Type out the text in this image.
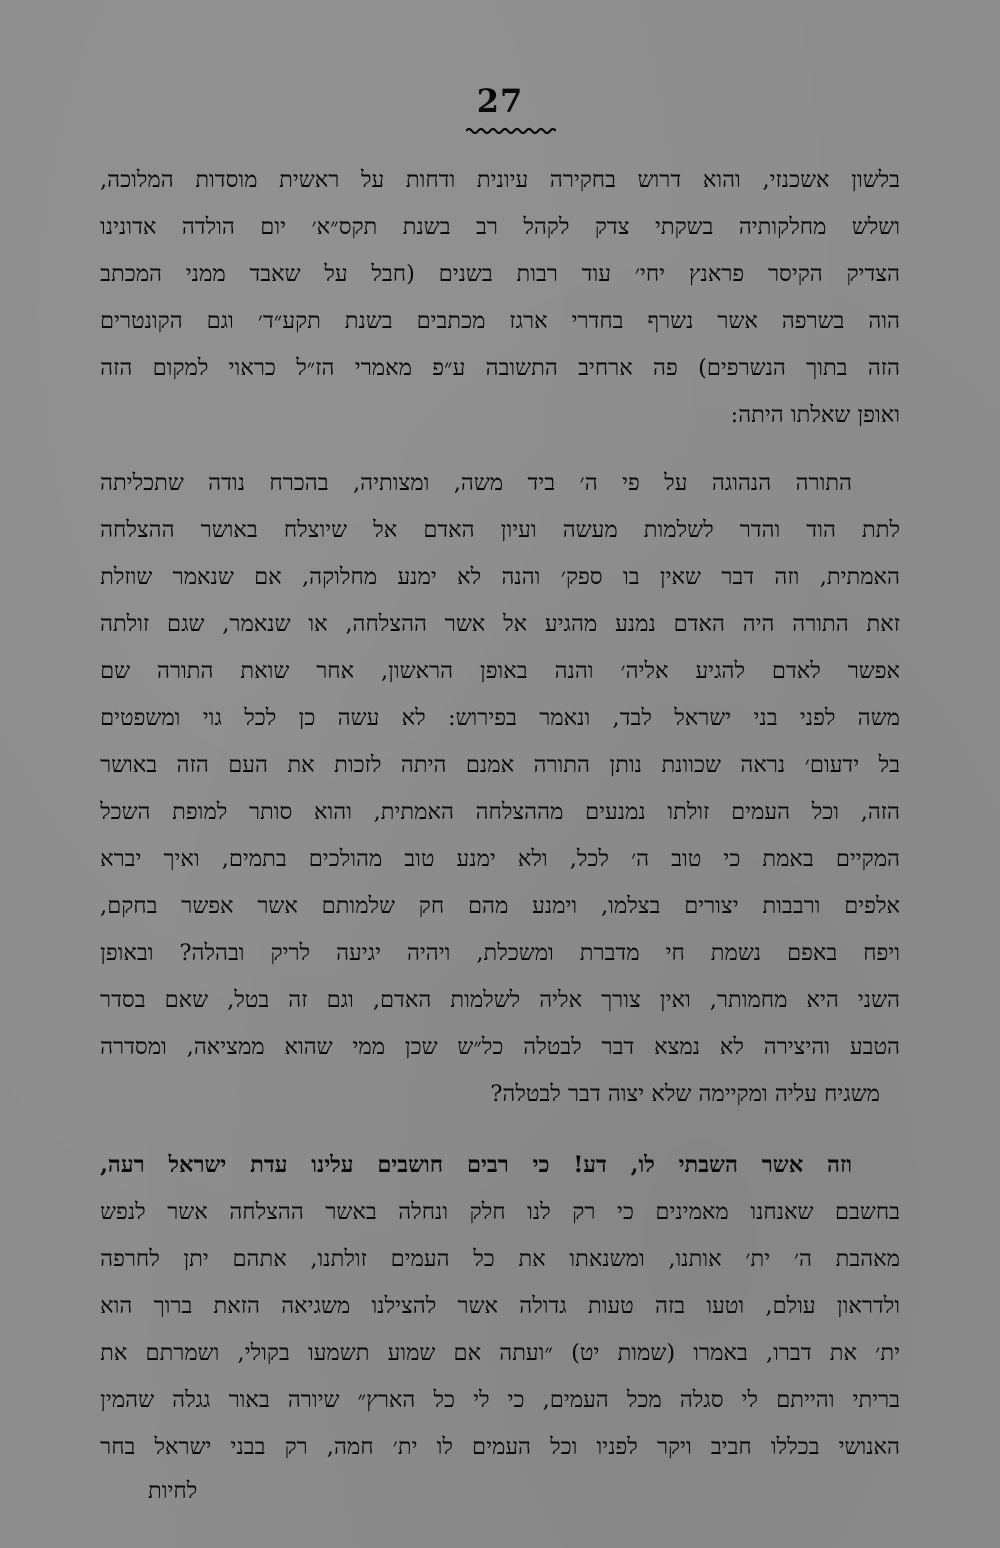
27
בלשון
אשכנזי,
והוא
דרוש
בחקירה
עיונית
ודחות
על
ראשית
מוסדות
המלוכה,
ושלש
מחלקותיה
בשקתי
צדק
לקהל
רב
בשנת
תקס״א׳
יום
הולדה
אדונינו
הצדיק
הקיסר
פראנץ
יחי׳
עוד
רבות
בשנים
(חבל
על
שאבד
ממני
המכתב
הוה
בשרפה
אשר
נשרף
בחדרי
ארגז
מכתבים
בשנת
תקע״ד׳
וגם
הקונטרים
הזה
בתוך
הנשרפים)
פה
ארחיב
התשובה
ע״פ
מאמרי
הז״ל
כראוי
למקום
הזה
ואופן שאלתו היתה:
התורה
הנהוגה
על
פי
ה׳
ביד
משה,
ומצותיה,
בהכרח
נודה
שתכליתה
לתת
הוד
והדר
לשלמות
מעשה
ועיון
האדם
אל
שיוצלח
באושר
ההצלחה
האמתית,
וזה
דבר
שאין
בו
ספק׳
והנה
לא
ימנע
מחלוקה,
אם
שנאמר
שוזלת
זאת
התורה
היה
האדם
נמנע
מהגיע
אל
אשר
ההצלחה,
או
שנאמר,
שגם
זולתה
אפשר
לאדם
להגיע
אליה׳
והנה
באופן
הראשון,
אחר
שואת
התורה
שם
משה
לפני
בני
ישראל
לבד,
ונאמר
בפירוש:
לא
עשה
כן
לכל
גוי
ומשפטים
בל
ידעום׳
נראה
שכוונת
נותן
התורה
אמנם
היתה
לזכות
את
העם
הזה
באושר
הזה,
וכל
העמים
זולתו
נמנעים
מההצלחה
האמתית,
והוא
סותר
למופת
השכל
המקיים
באמת
כי
טוב
ה׳
לכל,
ולא
ימנע
טוב
מהולכים
בתמים,
ואיך
יברא
אלפים
ורבבות
יצורים
בצלמו,
וימנע
מהם
חק
שלמותם
אשר
אפשר
בחקם,
ויפח
באפם
נשמת
חי
מדברת
ומשכלת,
ויהיה
יגיעה
לריק
ובהלה?
ובאופן
השני
היא
מחמותר,
ואין
צורך
אליה
לשלמות
האדם,
וגם
זה
בטל,
שאם
בסדר
הטבע
והיצירה
לא
נמצא
דבר
לבטלה
כל״ש
שכן
ממי
שהוא
ממציאה,
ומסדרה
משגיח עליה ומקיימה שלא יצוה דבר לבטלה?
וזה
אשר
השבתי
לו,
דע!
כי
רבים
חושבים
עלינו
עדת
ישראל
רעה,
בחשבם
שאנחנו
מאמינים
כי
רק
לנו
חלק
ונחלה
באשר
ההצלחה
אשר
לנפש
מאהבת
ה׳
ית׳
אותנו,
ומשנאתו
את
כל
העמים
זולתנו,
אתהם
יתן
לחרפה
ולדראון
עולם,
וטעו
בזה
טעות
גדולה
אשר
להצילנו
משגיאה
הזאת
ברוך
הוא
ית׳
את
דברו,
באמרו
(שמות
יט)
״ועתה
אם
שמוע
תשמעו
בקולי,
ושמרתם
את
בריתי
והייתם
לי
סגלה
מכל
העמים,
כי
לי
כל
הארץ״
שיורה
באור
גגלה
שהמין
האנושי
בכללו
חביב
ויקר
לפניו
וכל
העמים
לו
ית׳
חמה,
רק
בבני
ישראל
בחר
לחיות
